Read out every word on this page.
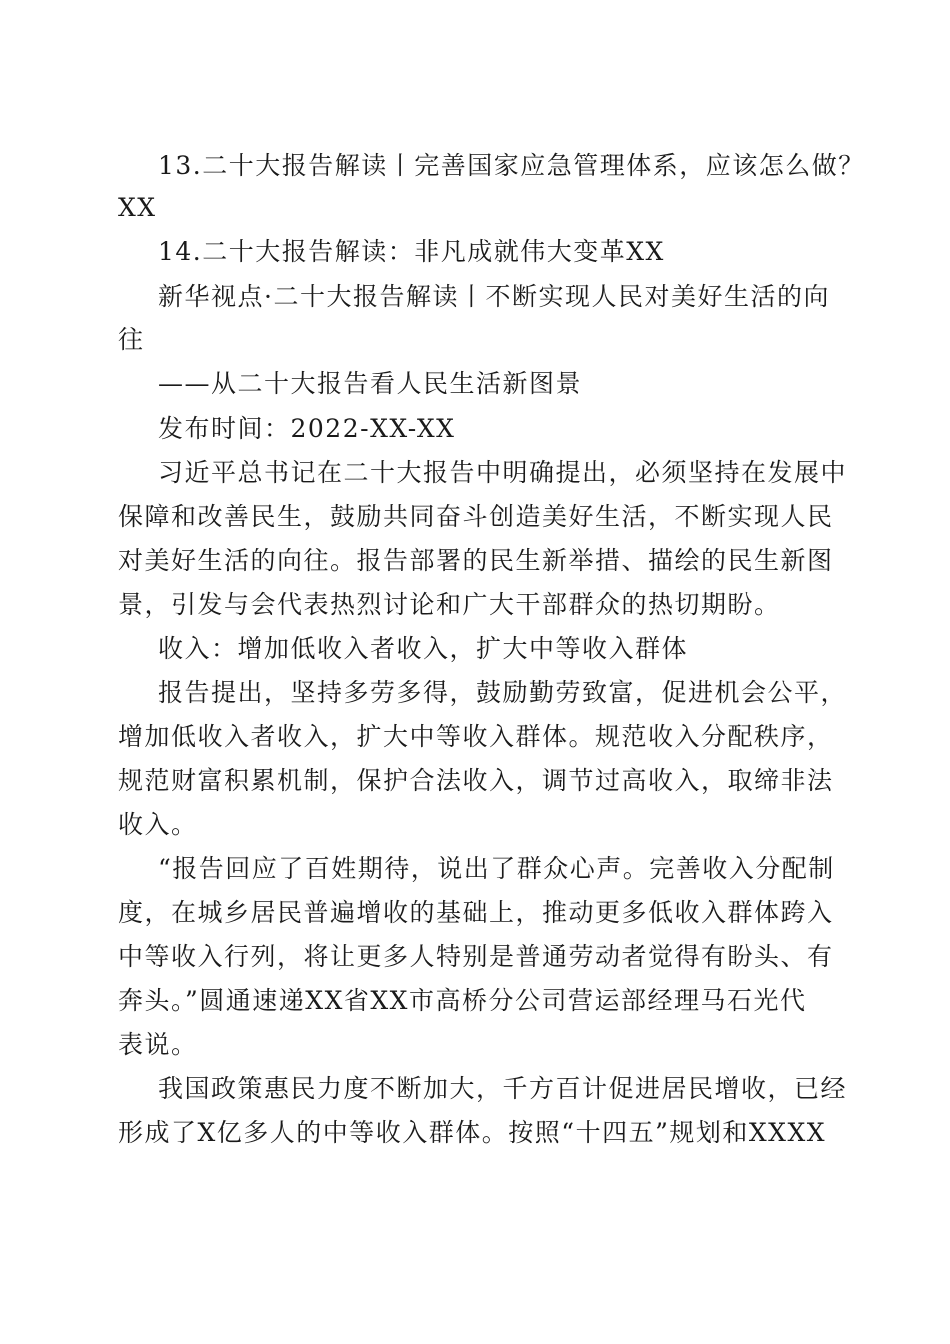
13.二十大报告解读丨完善国家应急管理体系，应该怎么做？
XX
14.二十大报告解读：非凡成就伟大变革XX
新华视点·二十大报告解读丨不断实现人民对美好生活的向
往
——从二十大报告看人民生活新图景
发布时间：2022-XX-XX
习近平总书记在二十大报告中明确提出，必须坚持在发展中
保障和改善民生，鼓励共同奋斗创造美好生活，不断实现人民
对美好生活的向往。报告部署的民生新举措、描绘的民生新图
景，引发与会代表热烈讨论和广大干部群众的热切期盼。
收入：增加低收入者收入，扩大中等收入群体
报告提出，坚持多劳多得，鼓励勤劳致富，促进机会公平，
增加低收入者收入，扩大中等收入群体。规范收入分配秩序，
规范财富积累机制，保护合法收入，调节过高收入，取缔非法
收入。
“报告回应了百姓期待，说出了群众心声。完善收入分配制
度，在城乡居民普遍增收的基础上，推动更多低收入群体跨入
中等收入行列，将让更多人特别是普通劳动者觉得有盼头、有
奔头。”圆通速递XX省XX市高桥分公司营运部经理马石光代
表说。
我国政策惠民力度不断加大，千方百计促进居民增收，已经
形成了X亿多人的中等收入群体。按照“十四五”规划和XXXX
